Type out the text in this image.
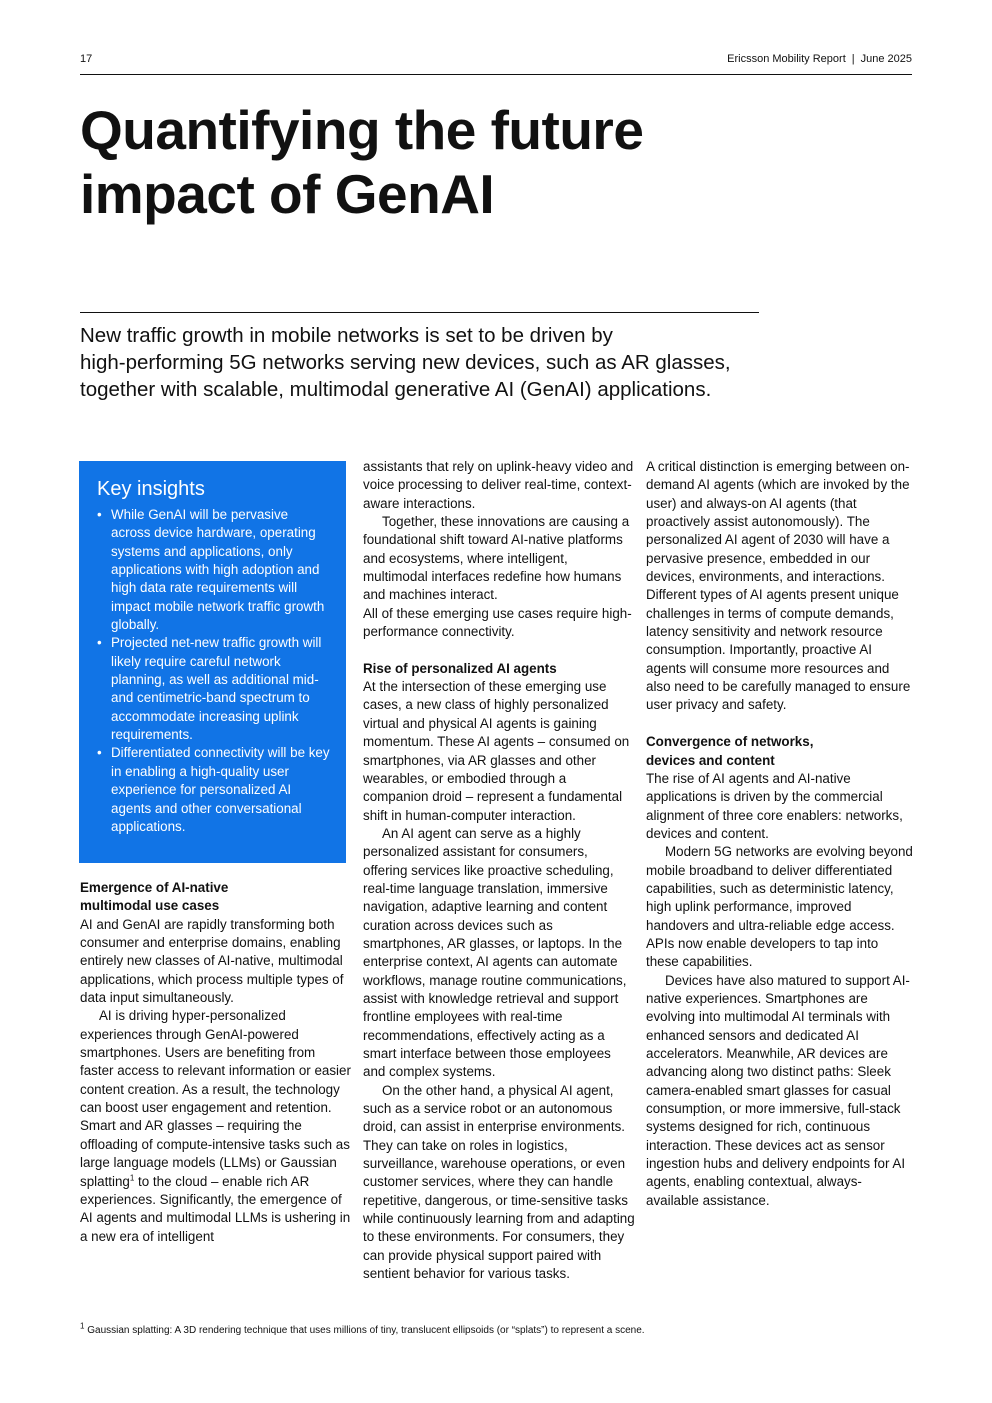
17	Ericsson Mobility Report | June 2025
Quantifying the future
impact of GenAI

New traffic growth in mobile networks is set to be driven by
high-performing 5G networks serving new devices, such as AR glasses,
together with scalable, multimodal generative AI (GenAI) applications.

Key insights
• While GenAI will be pervasive across device hardware, operating systems and applications, only applications with high adoption and high data rate requirements will impact mobile network traffic growth globally.
• Projected net-new traffic growth will likely require careful network planning, as well as additional mid- and centimetric-band spectrum to accommodate increasing uplink requirements.
• Differentiated connectivity will be key in enabling a high-quality user experience for personalized AI agents and other conversational applications.
Emergence of AI-native
multimodal use cases

AI and GenAI are rapidly transforming both consumer and enterprise domains, enabling entirely new classes of AI-native, multimodal applications, which process multiple types of data input simultaneously.

AI is driving hyper-personalized experiences through GenAI-powered smartphones. Users are benefiting from faster access to relevant information or easier content creation. As a result, the technology can boost user engagement and retention. Smart and AR glasses – requiring the offloading of compute-intensive tasks such as large language models (LLMs) or Gaussian splatting$^1$ to the cloud – enable rich AR experiences. Significantly, the emergence of AI agents and multimodal LLMs is ushering in a new era of intelligent

assistants that rely on uplink-heavy video and voice processing to deliver real-time, context-aware interactions.

Together, these innovations are causing a foundational shift toward AI-native platforms and ecosystems, where intelligent, multimodal interfaces redefine how humans and machines interact.

All of these emerging use cases require high-performance connectivity.

Rise of personalized AI agents

At the intersection of these emerging use cases, a new class of highly personalized virtual and physical AI agents is gaining momentum. These AI agents – consumed on smartphones, via AR glasses and other wearables, or embodied through a companion droid – represent a fundamental shift in human-computer interaction.

An AI agent can serve as a highly personalized assistant for consumers, offering services like proactive scheduling, real-time language translation, immersive navigation, adaptive learning and content curation across devices such as smartphones, AR glasses, or laptops. In the enterprise context, AI agents can automate workflows, manage routine communications, assist with knowledge retrieval and support frontline employees with real-time recommendations, effectively acting as a smart interface between those employees and complex systems.

On the other hand, a physical AI agent, such as a service robot or an autonomous droid, can assist in enterprise environments. They can take on roles in logistics, surveillance, warehouse operations, or even customer services, where they can handle repetitive, dangerous, or time-sensitive tasks while continuously learning from and adapting to these environments. For consumers, they can provide physical support paired with sentient behavior for various tasks.

A critical distinction is emerging between on-demand AI agents (which are invoked by the user) and always-on AI agents (that proactively assist autonomously). The personalized AI agent of 2030 will have a pervasive presence, embedded in our devices, environments, and interactions. Different types of AI agents present unique challenges in terms of compute demands, latency sensitivity and network resource consumption. Importantly, proactive AI agents will consume more resources and also need to be carefully managed to ensure user privacy and safety.

Convergence of networks,
devices and content

The rise of AI agents and AI-native applications is driven by the commercial alignment of three core enablers: networks, devices and content.

Modern 5G networks are evolving beyond mobile broadband to deliver differentiated capabilities, such as deterministic latency, high uplink performance, improved handovers and ultra-reliable edge access.

APIs now enable developers to tap into these capabilities.

Devices have also matured to support AI-native experiences. Smartphones are evolving into multimodal AI terminals with enhanced sensors and dedicated AI accelerators. Meanwhile, AR devices are advancing along two distinct paths: Sleek camera-enabled smart glasses for casual consumption, or more immersive, full-stack systems designed for rich, continuous interaction. These devices act as sensor ingestion hubs and delivery endpoints for AI agents, enabling contextual, always-available assistance.

$^1$ Gaussian splatting: A 3D rendering technique that uses millions of tiny, translucent ellipsoids (or “splats”) to represent a scene.
